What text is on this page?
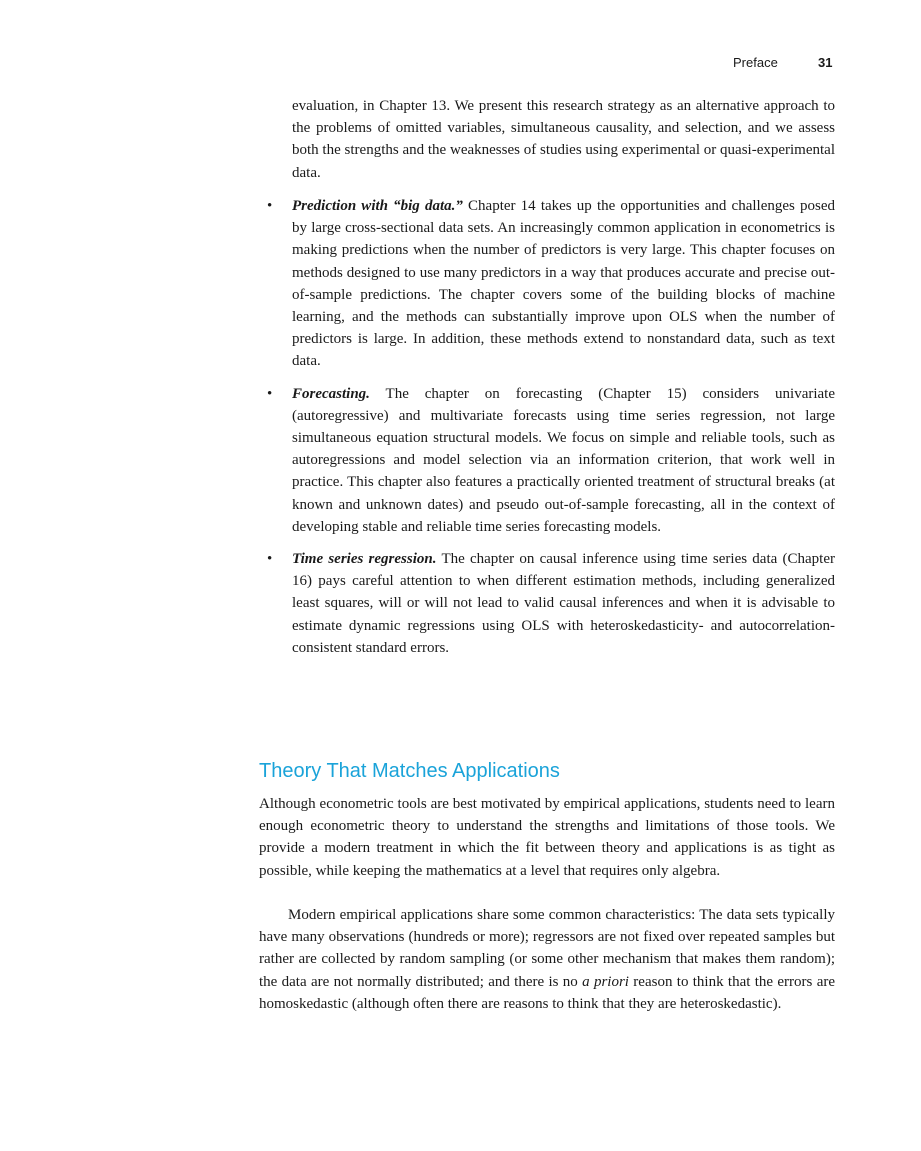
Preface	31

evaluation, in Chapter 13. We present this research strategy as an alternative approach to the problems of omitted variables, simultaneous causality, and selection, and we assess both the strengths and the weaknesses of studies using experimental or quasi-experimental data.

• Prediction with “big data.” Chapter 14 takes up the opportunities and challenges posed by large cross-sectional data sets. An increasingly common application in econometrics is making predictions when the number of predictors is very large. This chapter focuses on methods designed to use many predictors in a way that produces accurate and precise out-of-sample predictions. The chapter covers some of the building blocks of machine learning, and the methods can substantially improve upon OLS when the number of predictors is large. In addition, these methods extend to nonstandard data, such as text data.
• Forecasting. The chapter on forecasting (Chapter 15) considers univariate (autoregressive) and multivariate forecasts using time series regression, not large simultaneous equation structural models. We focus on simple and reliable tools, such as autoregressions and model selection via an information criterion, that work well in practice. This chapter also features a practically oriented treatment of structural breaks (at known and unknown dates) and pseudo out-of-sample forecasting, all in the context of developing stable and reliable time series forecasting models.
• Time series regression. The chapter on causal inference using time series data (Chapter 16) pays careful attention to when different estimation methods, including generalized least squares, will or will not lead to valid causal inferences and when it is advisable to estimate dynamic regressions using OLS with heteroskedasticity- and autocorrelation-consistent standard errors.
Theory That Matches Applications

Although econometric tools are best motivated by empirical applications, students need to learn enough econometric theory to understand the strengths and limitations of those tools. We provide a modern treatment in which the fit between theory and applications is as tight as possible, while keeping the mathematics at a level that requires only algebra.

Modern empirical applications share some common characteristics: The data sets typically have many observations (hundreds or more); regressors are not fixed over repeated samples but rather are collected by random sampling (or some other mechanism that makes them random); the data are not normally distributed; and there is no a priori reason to think that the errors are homoskedastic (although often there are reasons to think that they are heteroskedastic).
